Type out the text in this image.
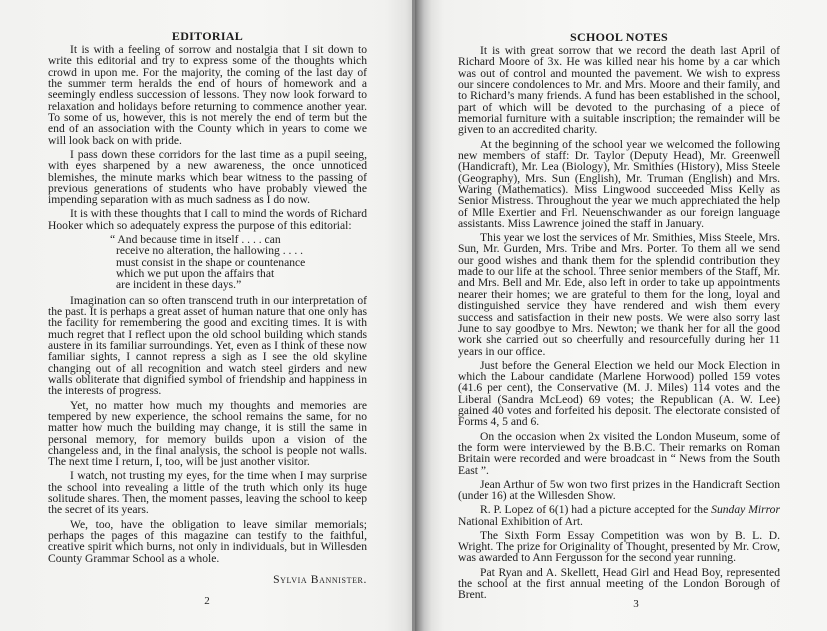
EDITORIAL

It is with a feeling of sorrow and nostalgia that I sit down to write this editorial and try to express some of the thoughts which crowd in upon me. For the majority, the coming of the last day of the summer term heralds the end of hours of homework and a seemingly endless succession of lessons. They now look forward to relaxation and holidays before returning to commence another year. To some of us, however, this is not merely the end of term but the end of an association with the County which in years to come we will look back on with pride.

I pass down these corridors for the last time as a pupil seeing, with eyes sharpened by a new awareness, the once unnoticed blemishes, the minute marks which bear witness to the passing of previous generations of students who have probably viewed the impending separation with as much sadness as I do now.

It is with these thoughts that I call to mind the words of Richard Hooker which so adequately express the purpose of this editorial:

“ And because time in itself . . . . can
receive no alteration, the hallowing . . . .
must consist in the shape or countenance
which we put upon the affairs that
are incident in these days.”

Imagination can so often transcend truth in our interpretation of the past. It is perhaps a great asset of human nature that one only has the facility for remembering the good and exciting times. It is with much regret that I reflect upon the old school building which stands austere in its familiar surroundings. Yet, even as I think of these now familiar sights, I cannot repress a sigh as I see the old skyline changing out of all recognition and watch steel girders and new walls obliterate that dignified symbol of friendship and happiness in the interests of progress.

Yet, no matter how much my thoughts and memories are tempered by new experience, the school remains the same, for no matter how much the building may change, it is still the same in personal memory, for memory builds upon a vision of the changeless and, in the final analysis, the school is people not walls. The next time I return, I, too, will be just another visitor.

I watch, not trusting my eyes, for the time when I may surprise the school into revealing a little of the truth which only its huge solitude shares. Then, the moment passes, leaving the school to keep the secret of its years.

We, too, have the obligation to leave similar memorials; perhaps the pages of this magazine can testify to the faithful, creative spirit which burns, not only in individuals, but in Willesden County Grammar School as a whole.

Sylvia Bannister.
2
SCHOOL NOTES

It is with great sorrow that we record the death last April of Richard Moore of 3x. He was killed near his home by a car which was out of control and mounted the pavement. We wish to express our sincere condolences to Mr. and Mrs. Moore and their family, and to Richard’s many friends. A fund has been established in the school, part of which will be devoted to the purchasing of a piece of memorial furniture with a suitable inscription; the remainder will be given to an accredited charity.

At the beginning of the school year we welcomed the following new members of staff: Dr. Taylor (Deputy Head), Mr. Greenwell (Handicraft), Mr. Lea (Biology), Mr. Smithies (History), Miss Steele (Geography), Mrs. Sun (English), Mr. Truman (English) and Mrs. Waring (Mathematics). Miss Lingwood succeeded Miss Kelly as Senior Mistress. Throughout the year we much apprechiated the help of Mlle Exertier and Frl. Neuenschwander as our foreign language assistants. Miss Lawrence joined the staff in January.

This year we lost the services of Mr. Smithies, Miss Steele, Mrs. Sun, Mr. Gurden, Mrs. Tribe and Mrs. Porter. To them all we send our good wishes and thank them for the splendid contribution they made to our life at the school. Three senior members of the Staff, Mr. and Mrs. Bell and Mr. Ede, also left in order to take up appointments nearer their homes; we are grateful to them for the long, loyal and distinguished service they have rendered and wish them every success and satisfaction in their new posts. We were also sorry last June to say goodbye to Mrs. Newton; we thank her for all the good work she carried out so cheerfully and resourcefully during her 11 years in our office.

Just before the General Election we held our Mock Election in which the Labour candidate (Marlene Horwood) polled 159 votes (41.6 per cent), the Conservative (M. J. Miles) 114 votes and the Liberal (Sandra McLeod) 69 votes; the Republican (A. W. Lee) gained 40 votes and forfeited his deposit. The electorate consisted of Forms 4, 5 and 6.

On the occasion when 2x visited the London Museum, some of the form were interviewed by the B.B.C. Their remarks on Roman Britain were recorded and were broadcast in “ News from the South East ”.

Jean Arthur of 5w won two first prizes in the Handicraft Section (under 16) at the Willesden Show.

R. P. Lopez of 6(1) had a picture accepted for the Sunday Mirror National Exhibition of Art.

The Sixth Form Essay Competition was won by B. L. D. Wright. The prize for Originality of Thought, presented by Mr. Crow, was awarded to Ann Fergusson for the second year running.

Pat Ryan and A. Skellett, Head Girl and Head Boy, represented the school at the first annual meeting of the London Borough of Brent.

3
